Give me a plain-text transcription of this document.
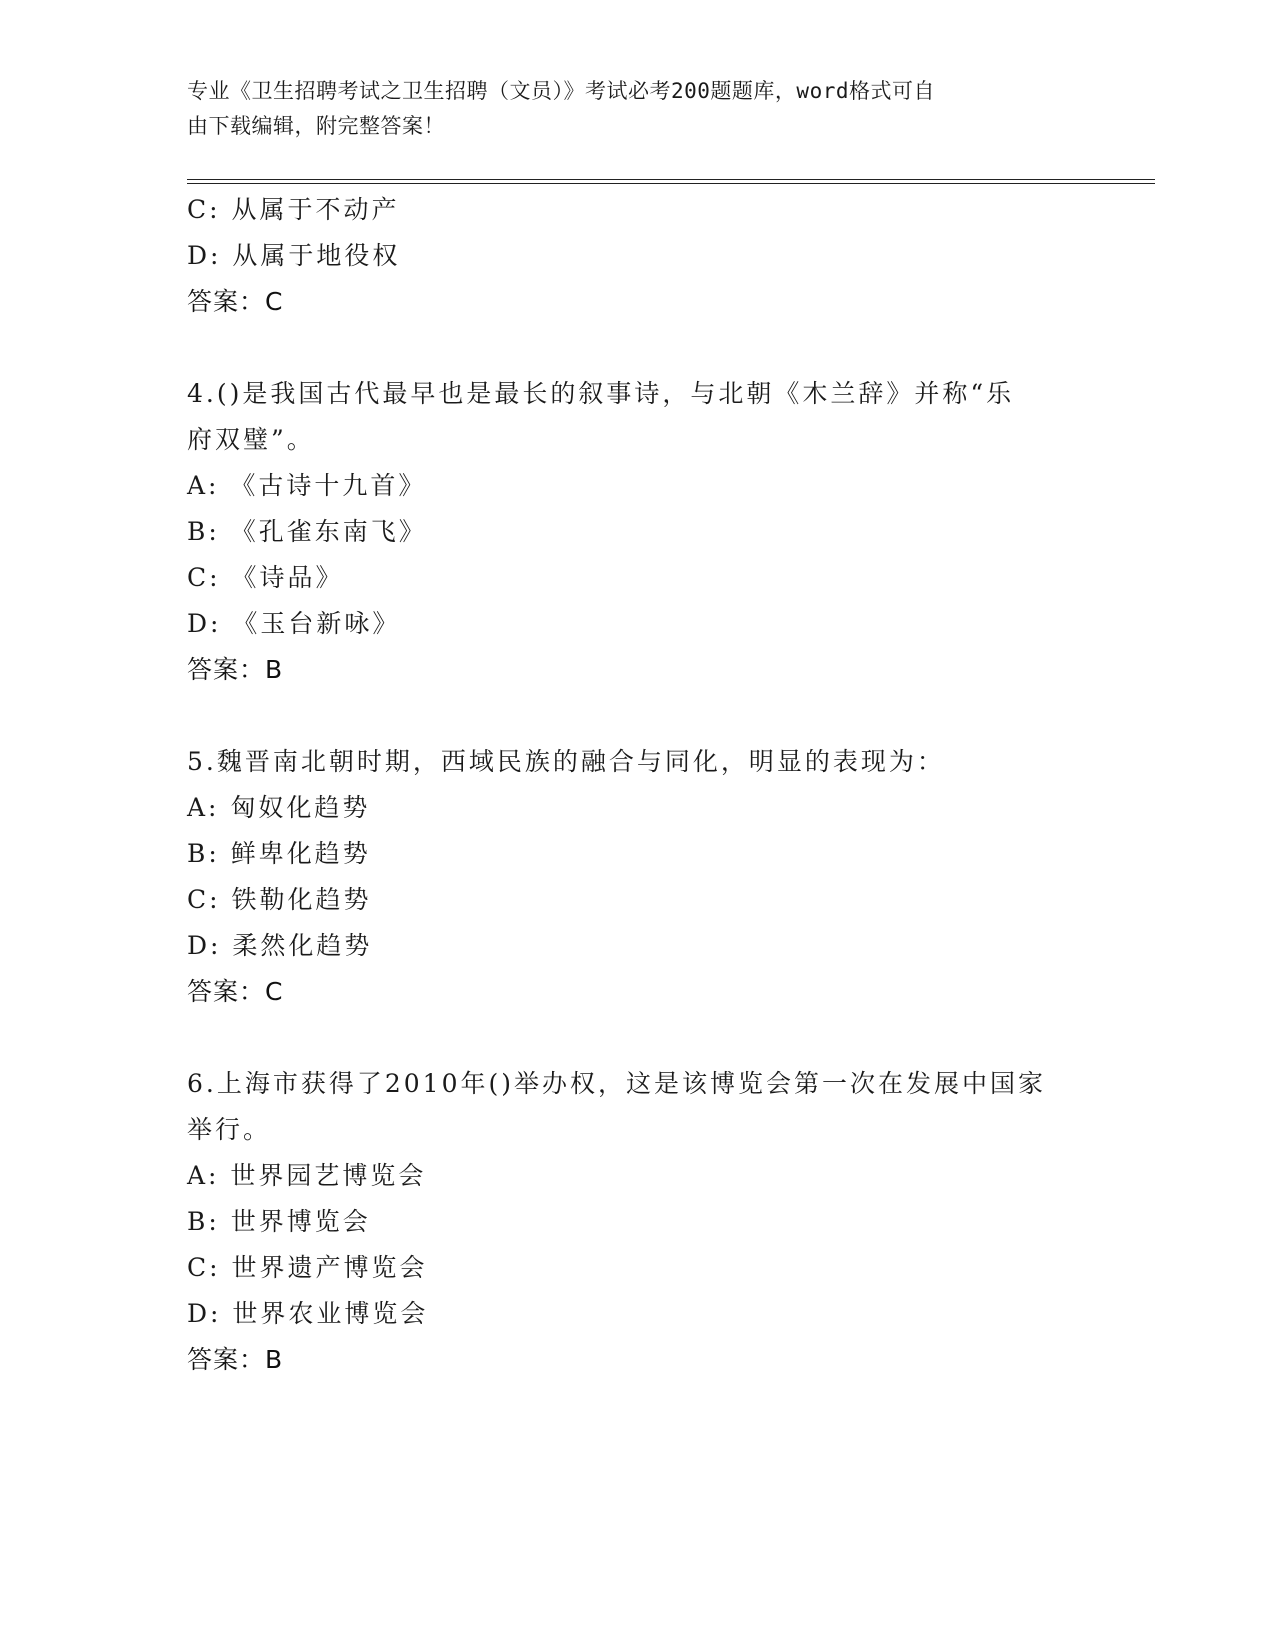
专业《卫生招聘考试之卫生招聘（文员）》考试必考200题题库，word格式可自
由下载编辑，附完整答案！
C: 从属于不动产
D: 从属于地役权
答案：C
4.()是我国古代最早也是最长的叙事诗，与北朝《木兰辞》并称“乐
府双璧”。
A: 《古诗十九首》
B: 《孔雀东南飞》
C: 《诗品》
D: 《玉台新咏》
答案：B
5.魏晋南北朝时期，西域民族的融合与同化，明显的表现为：
A: 匈奴化趋势
B: 鲜卑化趋势
C: 铁勒化趋势
D: 柔然化趋势
答案：C
6.上海市获得了2010年()举办权，这是该博览会第一次在发展中国家
举行。
A: 世界园艺博览会
B: 世界博览会
C: 世界遗产博览会
D: 世界农业博览会
答案：B
